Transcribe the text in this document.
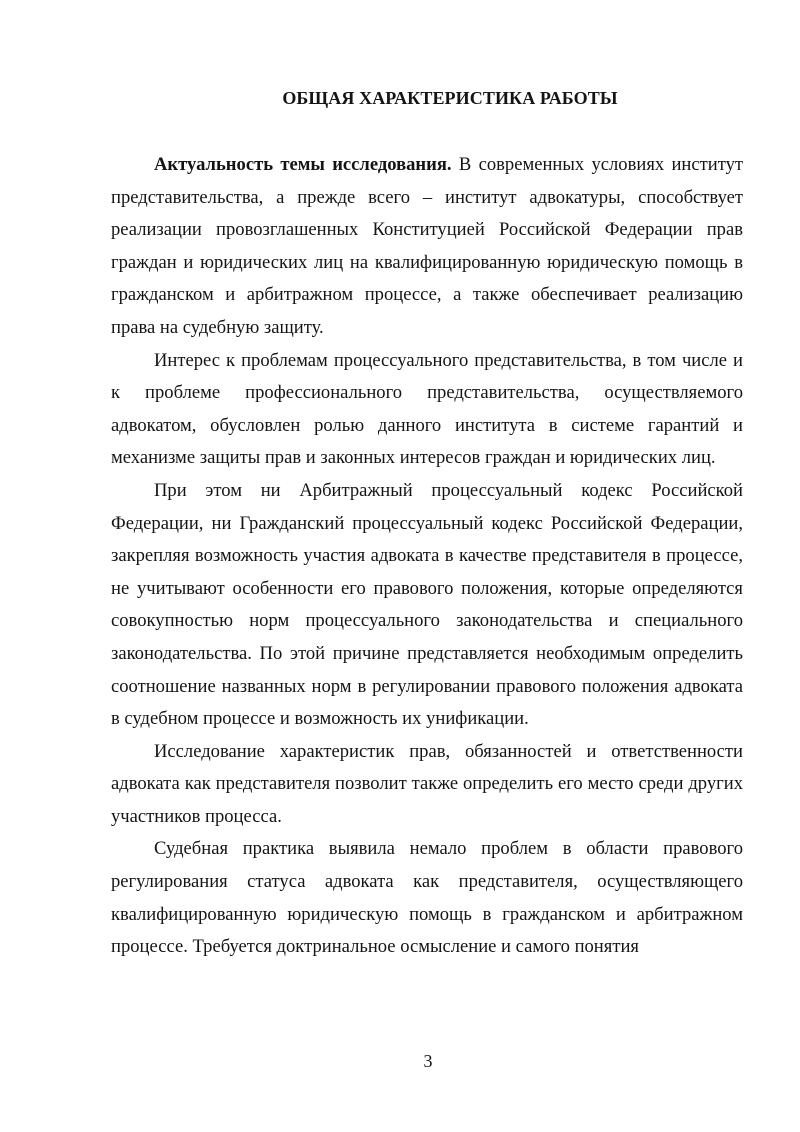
ОБЩАЯ ХАРАКТЕРИСТИКА РАБОТЫ

Актуальность темы исследования. В современных условиях институт представительства, а прежде всего – институт адвокатуры, способствует реализации провозглашенных Конституцией Российской Федерации прав граждан и юридических лиц на квалифицированную юридическую помощь в гражданском и арбитражном процессе, а также обеспечивает реализацию права на судебную защиту.

Интерес к проблемам процессуального представительства, в том числе и к проблеме профессионального представительства, осуществляемого адвокатом, обусловлен ролью данного института в системе гарантий и механизме защиты прав и законных интересов граждан и юридических лиц.

При этом ни Арбитражный процессуальный кодекс Российской Федерации, ни Гражданский процессуальный кодекс Российской Федерации, закрепляя возможность участия адвоката в качестве представителя в процессе, не учитывают особенности его правового положения, которые определяются совокупностью норм процессуального законодательства и специального законодательства. По этой причине представляется необходимым определить соотношение названных норм в регулировании правового положения адвоката в судебном процессе и возможность их унификации.

Исследование характеристик прав, обязанностей и ответственности адвоката как представителя позволит также определить его место среди других участников процесса.

Судебная практика выявила немало проблем в области правового регулирования статуса адвоката как представителя, осуществляющего квалифицированную юридическую помощь в гражданском и арбитражном процессе. Требуется доктринальное осмысление и самого понятия

3
